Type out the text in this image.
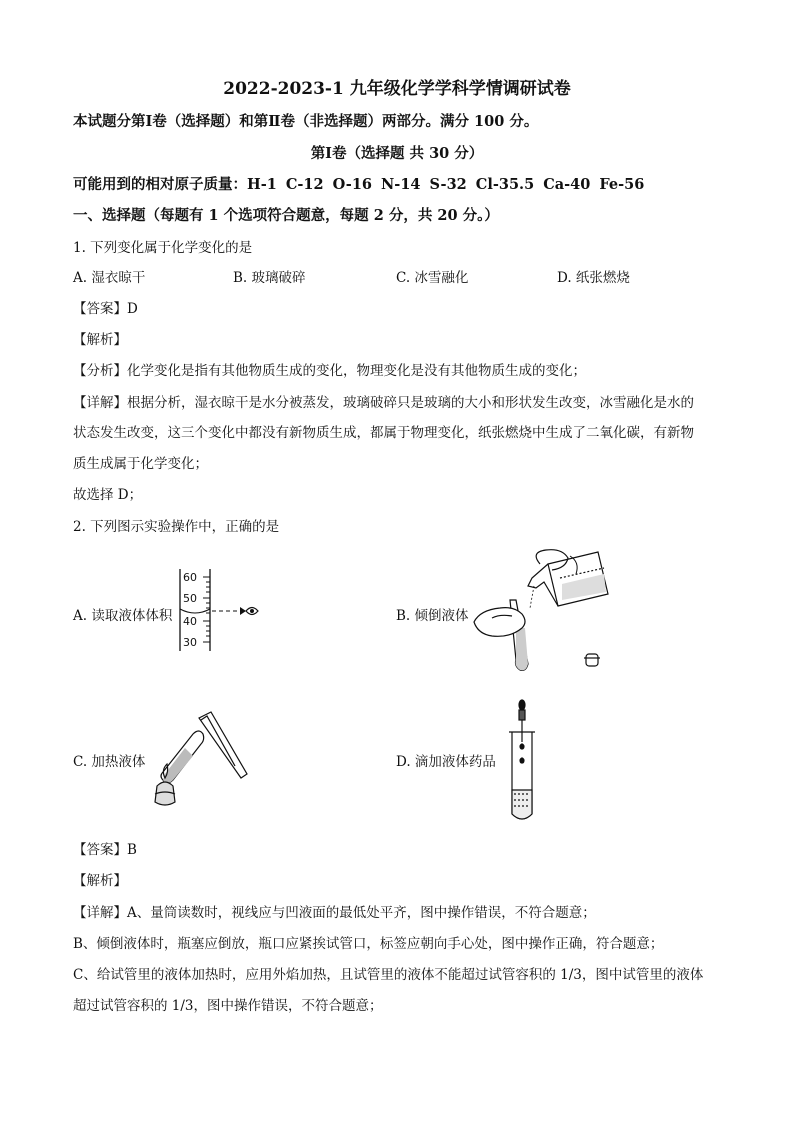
2022-2023-1 九年级化学学科学情调研试卷
本试题分第Ⅰ卷（选择题）和第Ⅱ卷（非选择题）两部分。满分 100 分。
第Ⅰ卷（选择题 共 30 分）
可能用到的相对原子质量：H-1 C-12 O-16 N-14 S-32 Cl-35.5 Ca-40 Fe-56
一、选择题（每题有 1 个选项符合题意，每题 2 分，共 20 分。）
1. 下列变化属于化学变化的是
A. 湿衣晾干	B. 玻璃破碎	C. 冰雪融化	D. 纸张燃烧
【答案】D
【解析】
【分析】化学变化是指有其他物质生成的变化，物理变化是没有其他物质生成的变化；
【详解】根据分析，湿衣晾干是水分被蒸发，玻璃破碎只是玻璃的大小和形状发生改变，冰雪融化是水的
状态发生改变，这三个变化中都没有新物质生成，都属于物理变化，纸张燃烧中生成了二氧化碳，有新物
质生成属于化学变化；
故选择 D；
2. 下列图示实验操作中，正确的是
A. 读取液体体积
60
50
40
30
B. 倾倒液体
C. 加热液体	D. 滴加液体药品
【答案】B
【解析】
【详解】A、量筒读数时，视线应与凹液面的最低处平齐，图中操作错误，不符合题意；
B、倾倒液体时，瓶塞应倒放，瓶口应紧挨试管口，标签应朝向手心处，图中操作正确，符合题意；
C、给试管里的液体加热时，应用外焰加热，且试管里的液体不能超过试管容积的 1/3，图中试管里的液体
超过试管容积的 1/3，图中操作错误，不符合题意；
